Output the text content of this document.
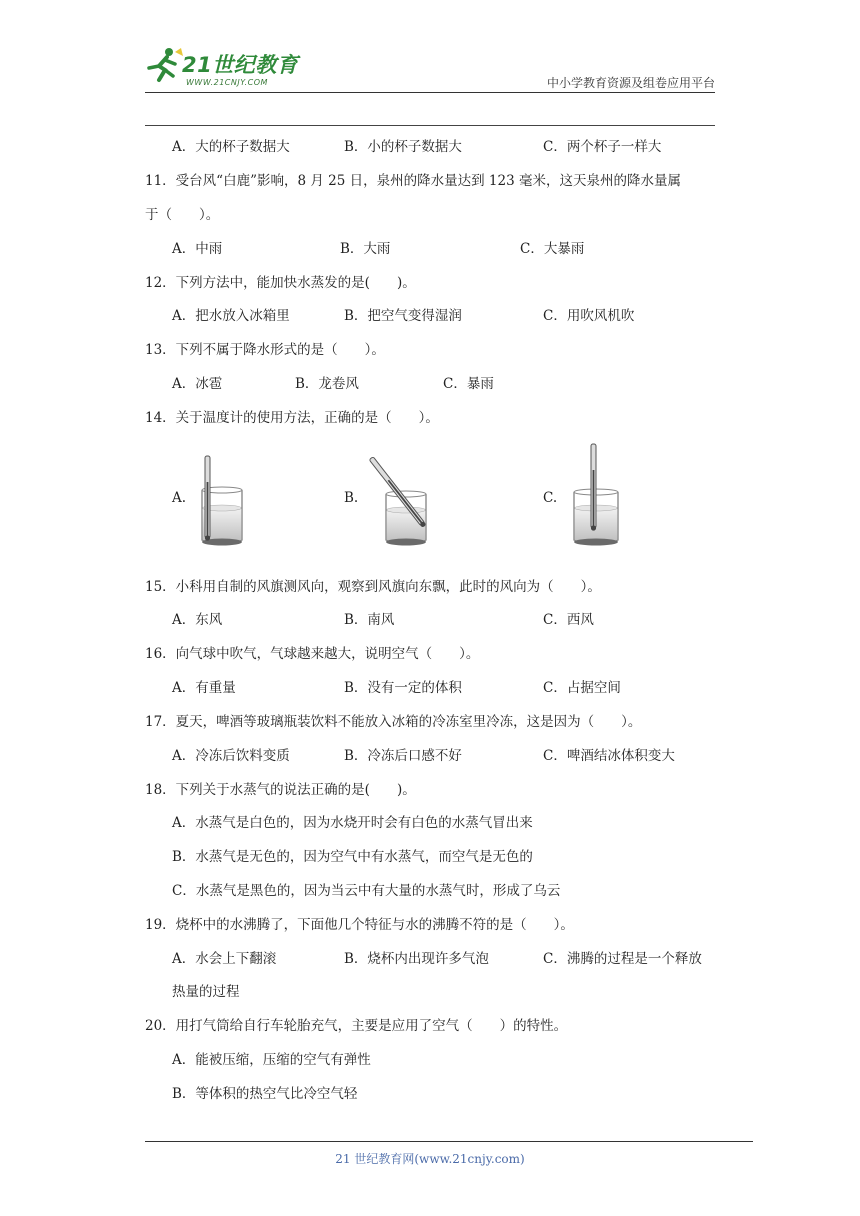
21世纪教育
WWW.21CNJY.COM	中小学教育资源及组卷应用平台
A．大的杯子数据大	B．小的杯子数据大	C．两个杯子一样大
11．受台风“白鹿”影响，8 月 25 日，泉州的降水量达到 123 毫米，这天泉州的降水量属
于（　　）。
A．中雨	B．大雨	C．大暴雨
12．下列方法中，能加快水蒸发的是(　　)。
A．把水放入冰箱里	B．把空气变得湿润	C．用吹风机吹
13．下列不属于降水形式的是（　　）。
A．冰雹	B．龙卷风	C．暴雨
14．关于温度计的使用方法，正确的是（　　）。
A.	B.	C.
15．小科用自制的风旗测风向，观察到风旗向东飘，此时的风向为（　　）。
A．东风	B．南风	C．西风
16．向气球中吹气，气球越来越大，说明空气（　　）。
A．有重量	B．没有一定的体积	C．占据空间
17．夏天，啤酒等玻璃瓶装饮料不能放入冰箱的冷冻室里冷冻，这是因为（　　）。
A．冷冻后饮料变质	B．冷冻后口感不好	C．啤酒结冰体积变大
18．下列关于水蒸气的说法正确的是(　　)。
A．水蒸气是白色的，因为水烧开时会有白色的水蒸气冒出来
B．水蒸气是无色的，因为空气中有水蒸气，而空气是无色的
C．水蒸气是黑色的，因为当云中有大量的水蒸气时，形成了乌云
19．烧杯中的水沸腾了，下面他几个特征与水的沸腾不符的是（　　）。
A．水会上下翻滚	B．烧杯内出现许多气泡	C．沸腾的过程是一个释放
热量的过程
20．用打气筒给自行车轮胎充气，主要是应用了空气（　　）的特性。
A．能被压缩，压缩的空气有弹性
B．等体积的热空气比冷空气轻
21 世纪教育网(www.21cnjy.com)
